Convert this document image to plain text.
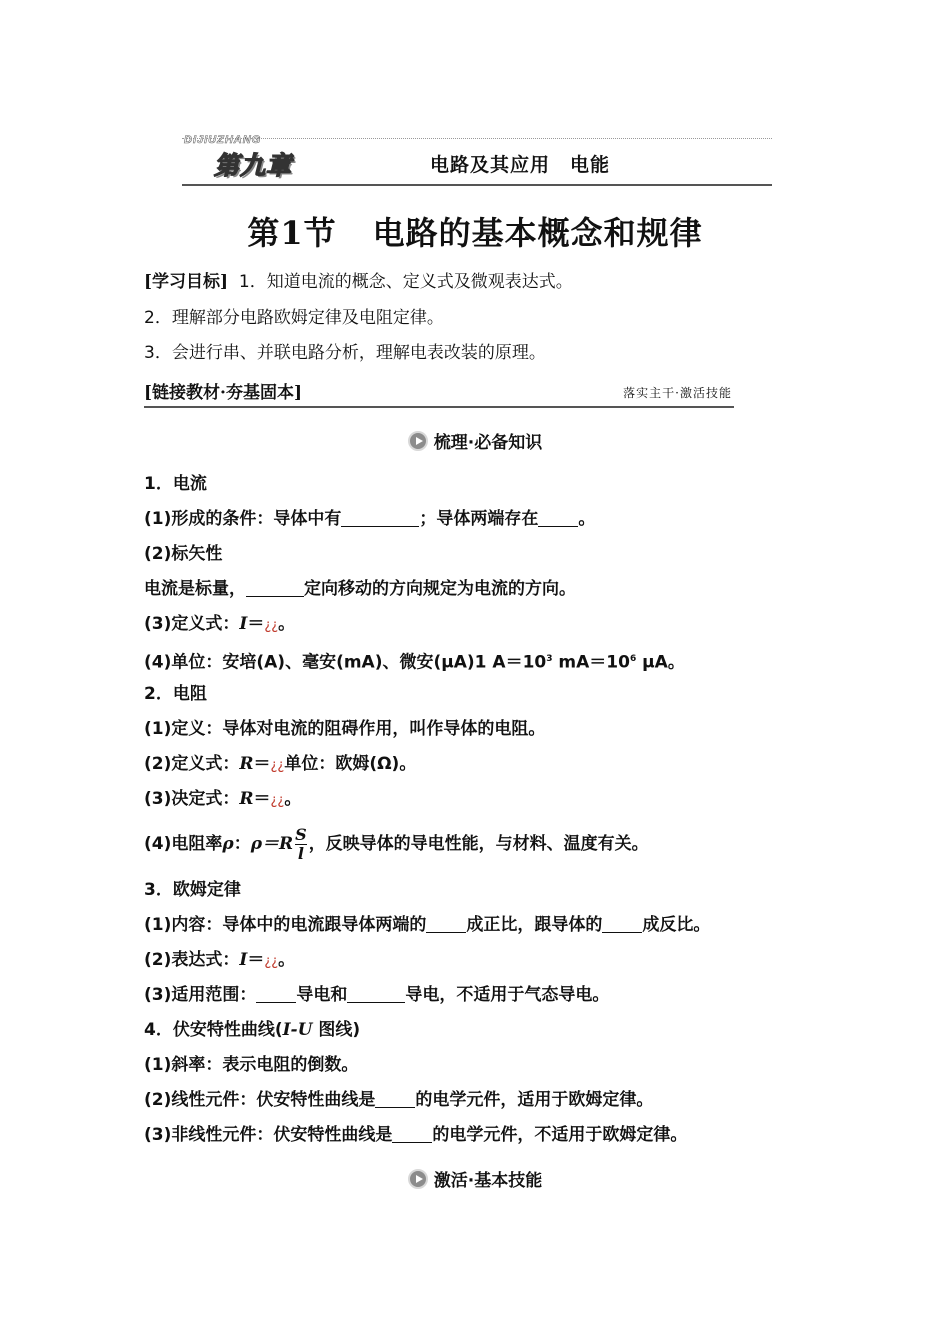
DIJIUZHANG
第九章	电路及其应用　电能
第1节 电路的基本概念和规律
[学习目标] 1．知道电流的概念、定义式及微观表达式。
2．理解部分电路欧姆定律及电阻定律。
3．会进行串、并联电路分析，理解电表改装的原理。
[链接教材·夯基固本]	落实主干·激活技能
梳理·必备知识
1．电流
(1)形成的条件：导体中有	；导体两端存在 。
(2)标矢性
电流是标量，	定向移动的方向规定为电流的方向。
(3)定义式：I＝¿¿。
(4)单位：安培(A)、毫安(mA)、微安(μA)1 $A=10^3$ $mA=10^6$ μA。
2．电阻
(1)定义：导体对电流的阻碍作用，叫作导体的电阻。
(2)定义式：R＝¿¿单位：欧姆(Ω)。
(3)决定式：R＝¿¿。
(4)电阻率ρ：$\rho=R \frac{S}{l}$ ，反映导体的导电性能，与材料、温度有关。
3．欧姆定律
(1)内容：导体中的电流跟导体两端的 成正比，跟导体的 成反比。
(2)表达式：I＝¿¿。
(3)适用范围： 导电和	导电，不适用于气态导电。
4．伏安特性曲线(I-U 图线)
(1)斜率：表示电阻的倒数。
(2)线性元件：伏安特性曲线是 的电学元件，适用于欧姆定律。
(3)非线性元件：伏安特性曲线是 的电学元件，不适用于欧姆定律。
激活·基本技能
